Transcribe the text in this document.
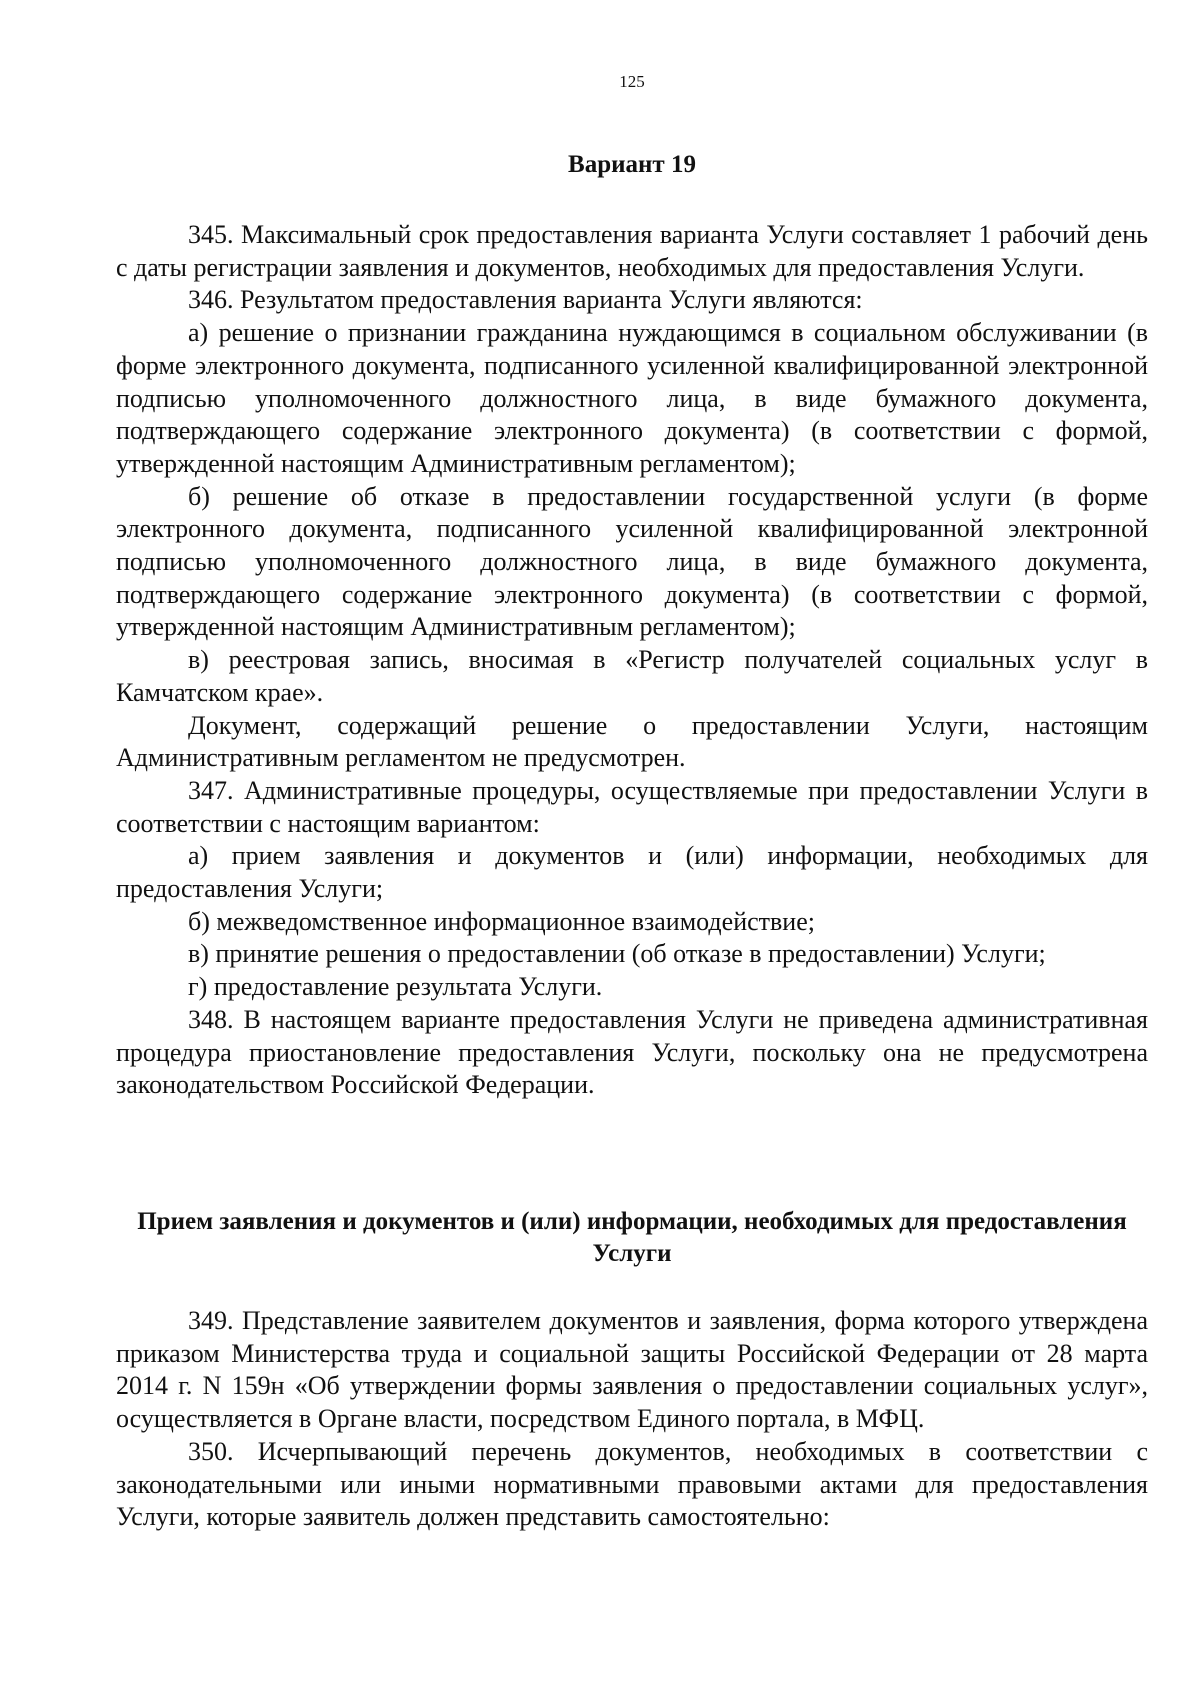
125
Вариант 19

345. Максимальный срок предоставления варианта Услуги составляет 1 рабочий день с даты регистрации заявления и документов, необходимых для предоставления Услуги.

346. Результатом предоставления варианта Услуги являются:

а) решение о признании гражданина нуждающимся в социальном обслуживании (в форме электронного документа, подписанного усиленной квалифицированной электронной подписью уполномоченного должностного лица, в виде бумажного документа, подтверждающего содержание электронного документа) (в соответствии с формой, утвержденной настоящим Административным регламентом);

б) решение об отказе в предоставлении государственной услуги (в форме электронного документа, подписанного усиленной квалифицированной электронной подписью уполномоченного должностного лица, в виде бумажного документа, подтверждающего содержание электронного документа) (в соответствии с формой, утвержденной настоящим Административным регламентом);

в) реестровая запись, вносимая в «Регистр получателей социальных услуг в Камчатском крае».

Документ, содержащий решение о предоставлении Услуги, настоящим Административным регламентом не предусмотрен.

347. Административные процедуры, осуществляемые при предоставлении Услуги в соответствии с настоящим вариантом:

а) прием заявления и документов и (или) информации, необходимых для предоставления Услуги;

б) межведомственное информационное взаимодействие;

в) принятие решения о предоставлении (об отказе в предоставлении) Услуги;

г) предоставление результата Услуги.

348. В настоящем варианте предоставления Услуги не приведена административная процедура приостановление предоставления Услуги, поскольку она не предусмотрена законодательством Российской Федерации.

Прием заявления и документов и (или) информации, необходимых для предоставления Услуги

349. Представление заявителем документов и заявления, форма которого утверждена приказом Министерства труда и социальной защиты Российской Федерации от 28 марта 2014 г. N 159н «Об утверждении формы заявления о предоставлении социальных услуг», осуществляется в Органе власти, посредством Единого портала, в МФЦ.

350. Исчерпывающий перечень документов, необходимых в соответствии с законодательными или иными нормативными правовыми актами для предоставления Услуги, которые заявитель должен представить самостоятельно:
